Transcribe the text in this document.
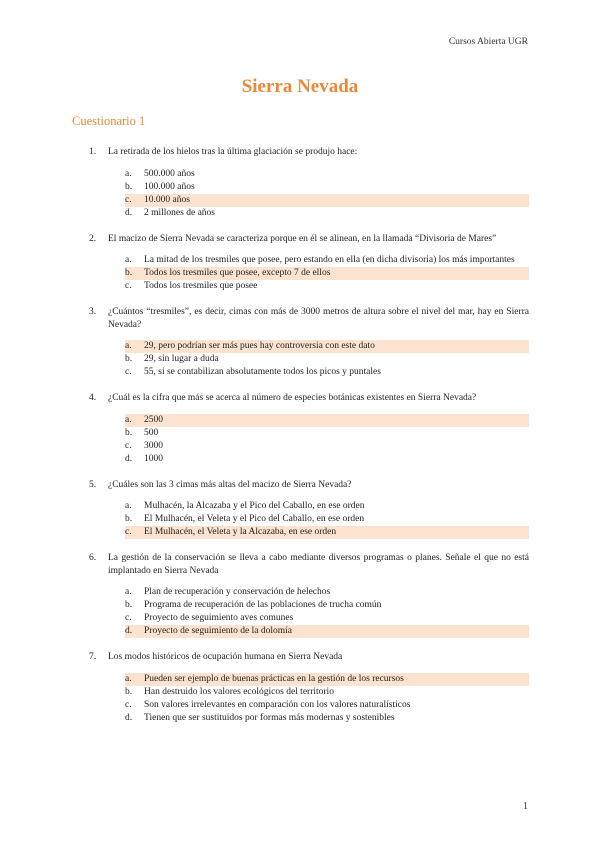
Cursos Abierta UGR
Sierra Nevada
Cuestionario 1
1.	La retirada de los hielos tras la última glaciación se produjo hace:
a.	500.000 años
b.	100.000 años
c.	10.000 años
d.	2 millones de años
2.	El macizo de Sierra Nevada se caracteriza porque en él se alinean, en la llamada “Divisoria de Mares”
a.	La mitad de los tresmiles que posee, pero estando en ella (en dicha divisoria) los más importantes
b.	Todos los tresmiles que posee, excepto 7 de ellos
c.	Todos los tresmiles que posee
3.	¿Cuántos “tresmiles”, es decir, cimas con más de 3000 metros de altura sobre el nivel del mar, hay en Sierra Nevada?
a.	29, pero podrían ser más pues hay controversia con este dato
b.	29, sin lugar a duda
c.	55, si se contabilizan absolutamente todos los picos y puntales
4.	¿Cuál es la cifra que más se acerca al número de especies botánicas existentes en Sierra Nevada?
a.	2500
b.	500
c.	3000
d.	1000
5.	¿Cuáles son las 3 cimas más altas del macizo de Sierra Nevada?
a.	Mulhacén, la Alcazaba y el Pico del Caballo, en ese orden
b.	El Mulhacén, el Veleta y el Pico del Caballo, en ese orden
c.	El Mulhacén, el Veleta y la Alcazaba, en ese orden
6.	La gestión de la conservación se lleva a cabo mediante diversos programas o planes. Señale el que no está implantado en Sierra Nevada
a.	Plan de recuperación y conservación de helechos
b.	Programa de recuperación de las poblaciones de trucha común
c.	Proyecto de seguimiento aves comunes
d.	Proyecto de seguimiento de la dolomía
7.	Los modos históricos de ocupación humana en Sierra Nevada
a.	Pueden ser ejemplo de buenas prácticas en la gestión de los recursos
b.	Han destruido los valores ecológicos del territorio
c.	Son valores irrelevantes en comparación con los valores naturalísticos
d.	Tienen que ser sustituidos por formas más modernas y sostenibles
1
